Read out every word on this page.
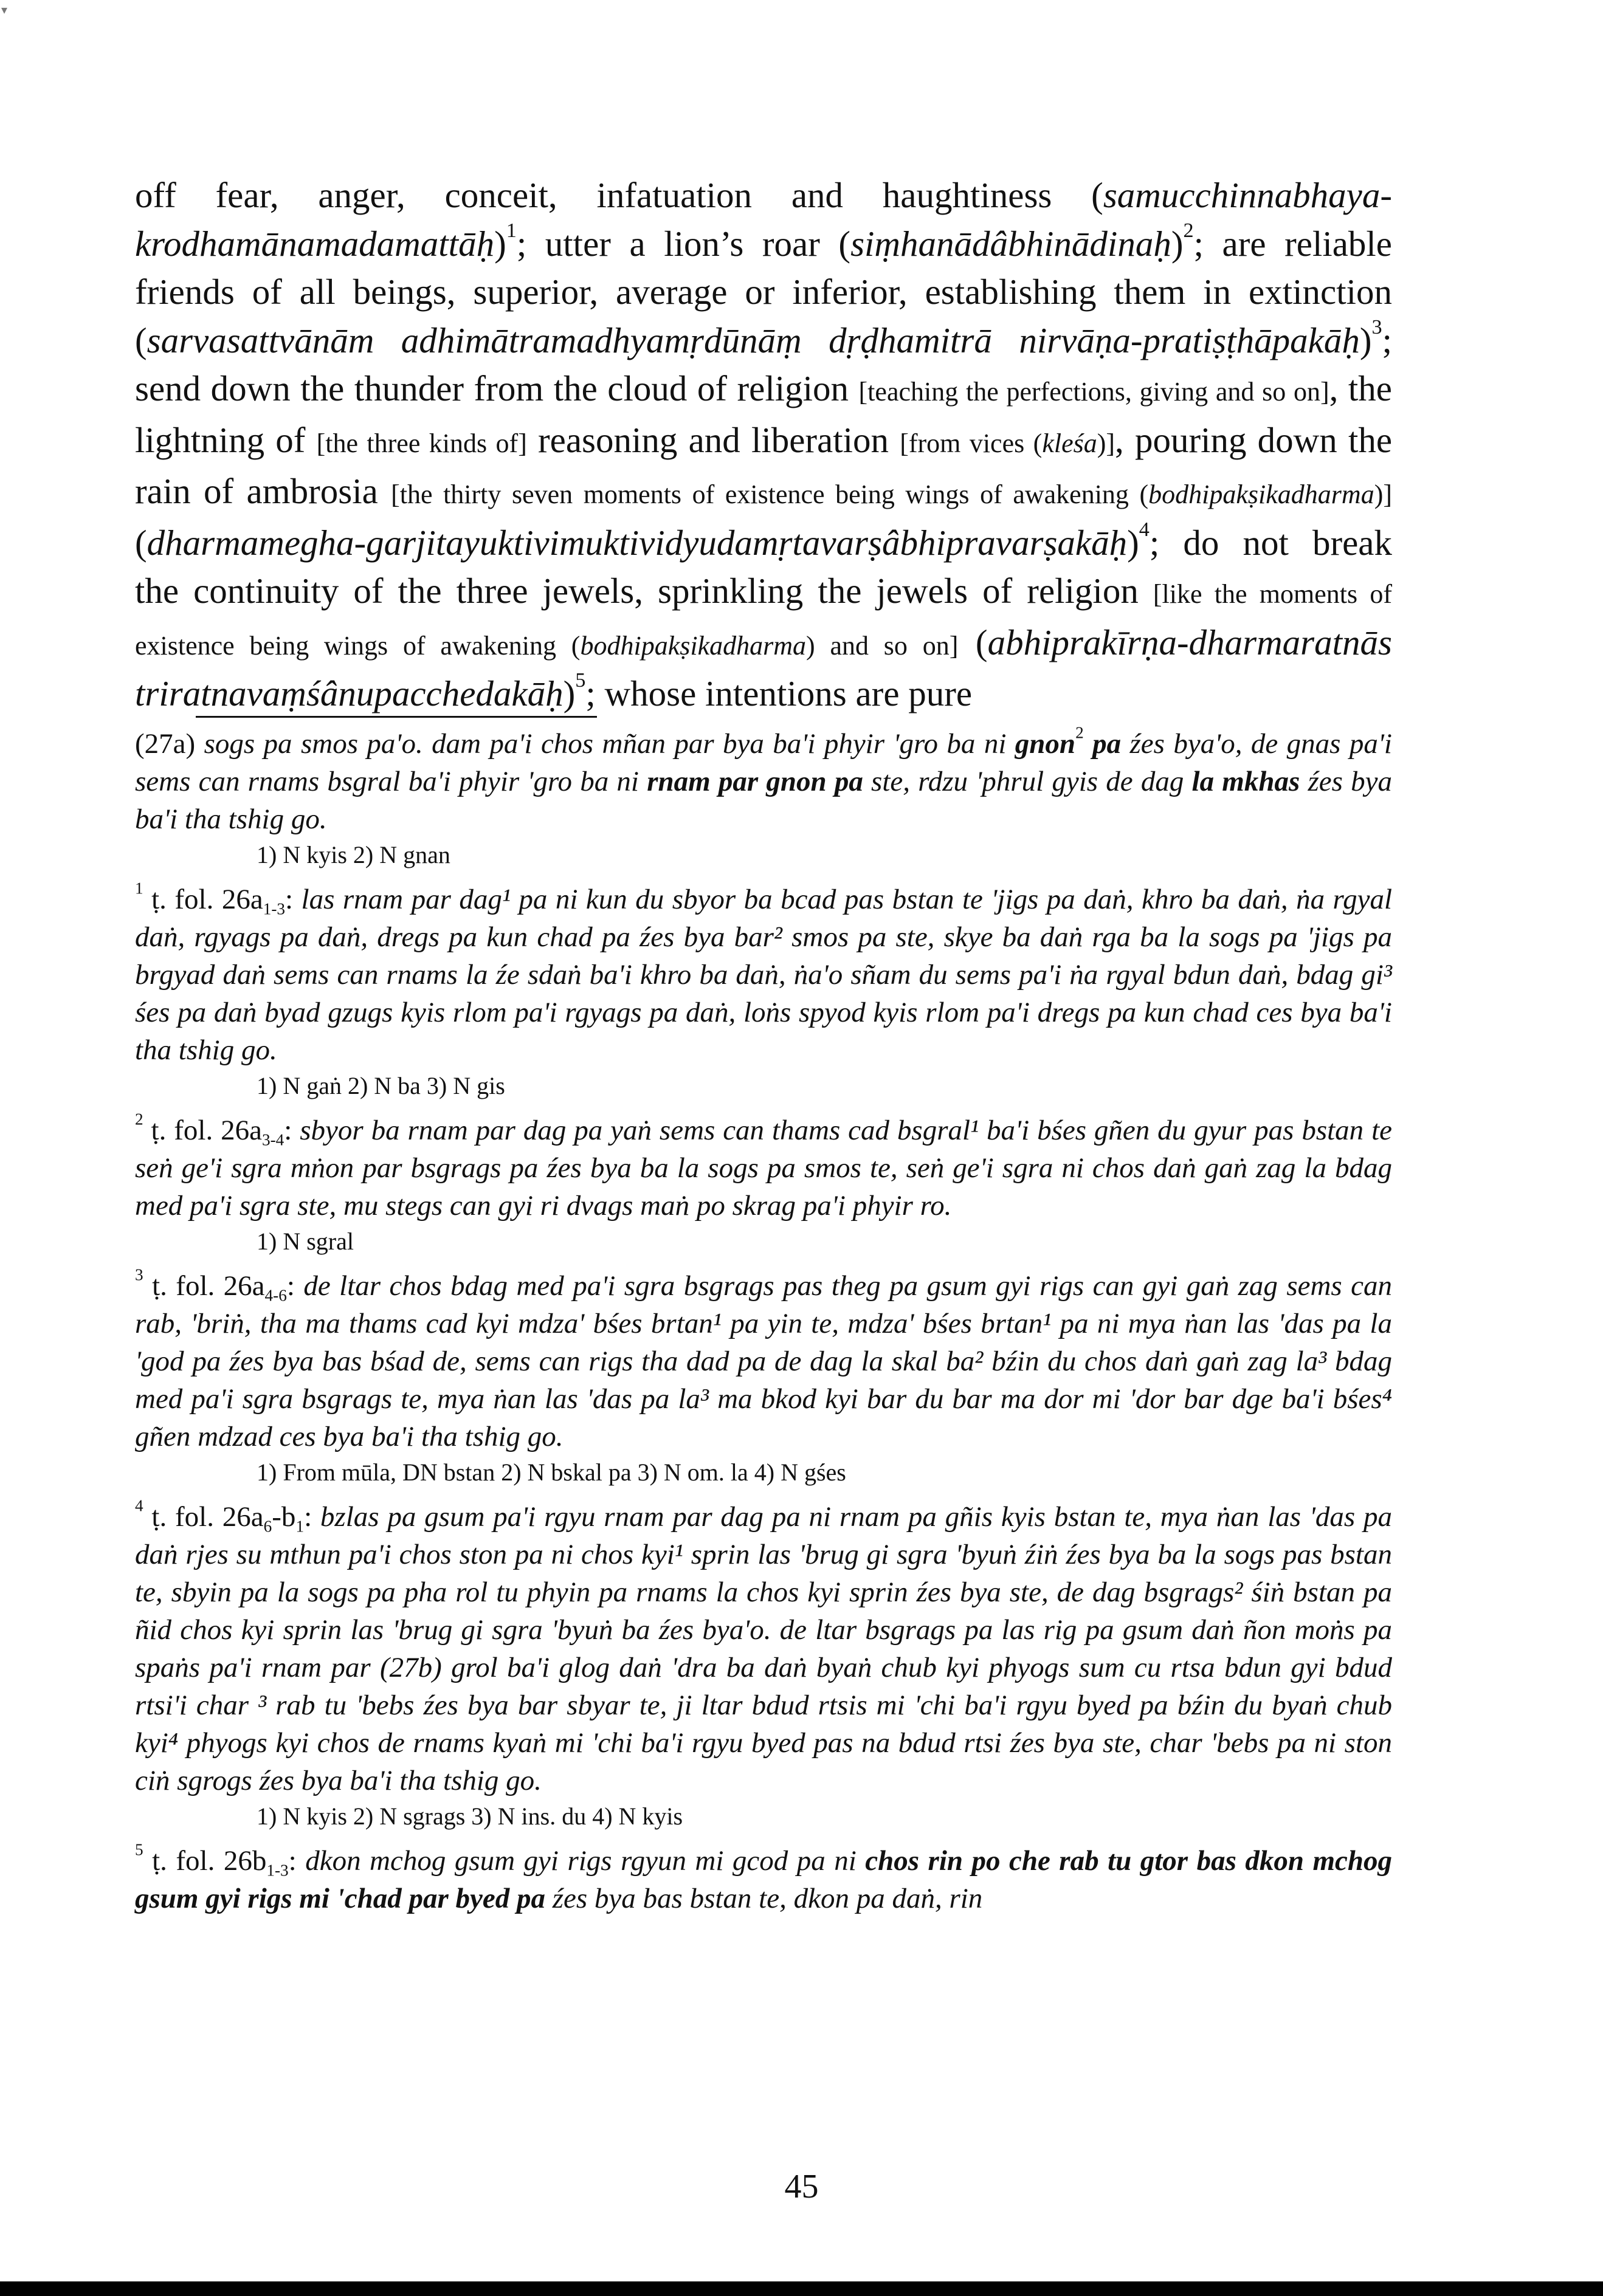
▾

off fear, anger, conceit, infatuation and haughtiness (samucchinnabhaya-krodhamānamadamattāḥ)$^1$; utter a lion’s roar (siṃhanādâbhinādinaḥ)$^2$; are reliable friends of all beings, superior, average or inferior, establishing them in extinction (sarvasattvānām adhimātramadhyamṛdūnāṃ dṛḍhamitrā nirvāṇa-pratiṣṭhāpakāḥ)$^3$; send down the thunder from the cloud of religion [teaching the perfections, giving and so on], the lightning of [the three kinds of] reasoning and liberation [from vices (kleśa)], pouring down the rain of ambrosia [the thirty seven moments of existence being wings of awakening (bodhipakṣikadharma)] (dharmamegha-garjitayuktivimuktividyudamṛtavarṣâbhipravarṣakāḥ)$^4$; do not break the continuity of the three jewels, sprinkling the jewels of religion [like the moments of existence being wings of awakening (bodhipakṣikadharma) and so on] (abhiprakīrṇa-dharmaratnās triratnavaṃśânupacchedakāḥ)$^5$; whose intentions are pure

(27a) sogs pa smos pa'o. dam pa'i chos mñan par bya ba'i phyir 'gro ba ni gnon$^2$ pa źes bya'o, de gnas pa'i sems can rnams bsgral ba'i phyir 'gro ba ni rnam par gnon pa ste, rdzu 'phrul gyis de dag la mkhas źes bya ba'i tha tshig go.

1) N kyis 2) N gnan

$^1$ ṭ. fol. $26a_{1-3}$: las rnam par dag¹ pa ni kun du sbyor ba bcad pas bstan te 'jigs pa daṅ, khro ba daṅ, ṅa rgyal daṅ, rgyags pa daṅ, dregs pa kun chad pa źes bya bar² smos pa ste, skye ba daṅ rga ba la sogs pa 'jigs pa brgyad daṅ sems can rnams la źe sdaṅ ba'i khro ba daṅ, ṅa'o sñam du sems pa'i ṅa rgyal bdun daṅ, bdag gi³ śes pa daṅ byad gzugs kyis rlom pa'i rgyags pa daṅ, loṅs spyod kyis rlom pa'i dregs pa kun chad ces bya ba'i tha tshig go.

1) N gaṅ 2) N ba 3) N gis

$^2$ ṭ. fol. $26a_{3-4}$: sbyor ba rnam par dag pa yaṅ sems can thams cad bsgral¹ ba'i bśes gñen du gyur pas bstan te seṅ ge'i sgra mṅon par bsgrags pa źes bya ba la sogs pa smos te, seṅ ge'i sgra ni chos daṅ gaṅ zag la bdag med pa'i sgra ste, mu stegs can gyi ri dvags maṅ po skrag pa'i phyir ro.

1) N sgral

$^3$ ṭ. fol. $26a_{4-6}$: de ltar chos bdag med pa'i sgra bsgrags pas theg pa gsum gyi rigs can gyi gaṅ zag sems can rab, 'briṅ, tha ma thams cad kyi mdza' bśes brtan¹ pa yin te, mdza' bśes brtan¹ pa ni mya ṅan las 'das pa la 'god pa źes bya bas bśad de, sems can rigs tha dad pa de dag la skal ba² bźin du chos daṅ gaṅ zag la³ bdag med pa'i sgra bsgrags te, mya ṅan las 'das pa la³ ma bkod kyi bar du bar ma dor mi 'dor bar dge ba'i bśes⁴ gñen mdzad ces bya ba'i tha tshig go.

1) From mūla, DN bstan 2) N bskal pa 3) N om. la 4) N gśes

$^4$ ṭ. fol. $26a_6-b_1$: bzlas pa gsum pa'i rgyu rnam par dag pa ni rnam pa gñis kyis bstan te, mya ṅan las 'das pa daṅ rjes su mthun pa'i chos ston pa ni chos kyi¹ sprin las 'brug gi sgra 'byuṅ źiṅ źes bya ba la sogs pas bstan te, sbyin pa la sogs pa pha rol tu phyin pa rnams la chos kyi sprin źes bya ste, de dag bsgrags² śiṅ bstan pa ñid chos kyi sprin las 'brug gi sgra 'byuṅ ba źes bya'o. de ltar bsgrags pa las rig pa gsum daṅ ñon moṅs pa spaṅs pa'i rnam par (27b) grol ba'i glog daṅ 'dra ba daṅ byaṅ chub kyi phyogs sum cu rtsa bdun gyi bdud rtsi'i char ³ rab tu 'bebs źes bya bar sbyar te, ji ltar bdud rtsis mi 'chi ba'i rgyu byed pa bźin du byaṅ chub kyi⁴ phyogs kyi chos de rnams kyaṅ mi 'chi ba'i rgyu byed pas na bdud rtsi źes bya ste, char 'bebs pa ni ston ciṅ sgrogs źes bya ba'i tha tshig go.

1) N kyis 2) N sgrags 3) N ins. du 4) N kyis

$^5$ ṭ. fol. $26b_{1-3}$: dkon mchog gsum gyi rigs rgyun mi gcod pa ni chos rin po che rab tu gtor bas dkon mchog gsum gyi rigs mi 'chad par byed pa źes bya bas bstan te, dkon pa daṅ, rin

45
